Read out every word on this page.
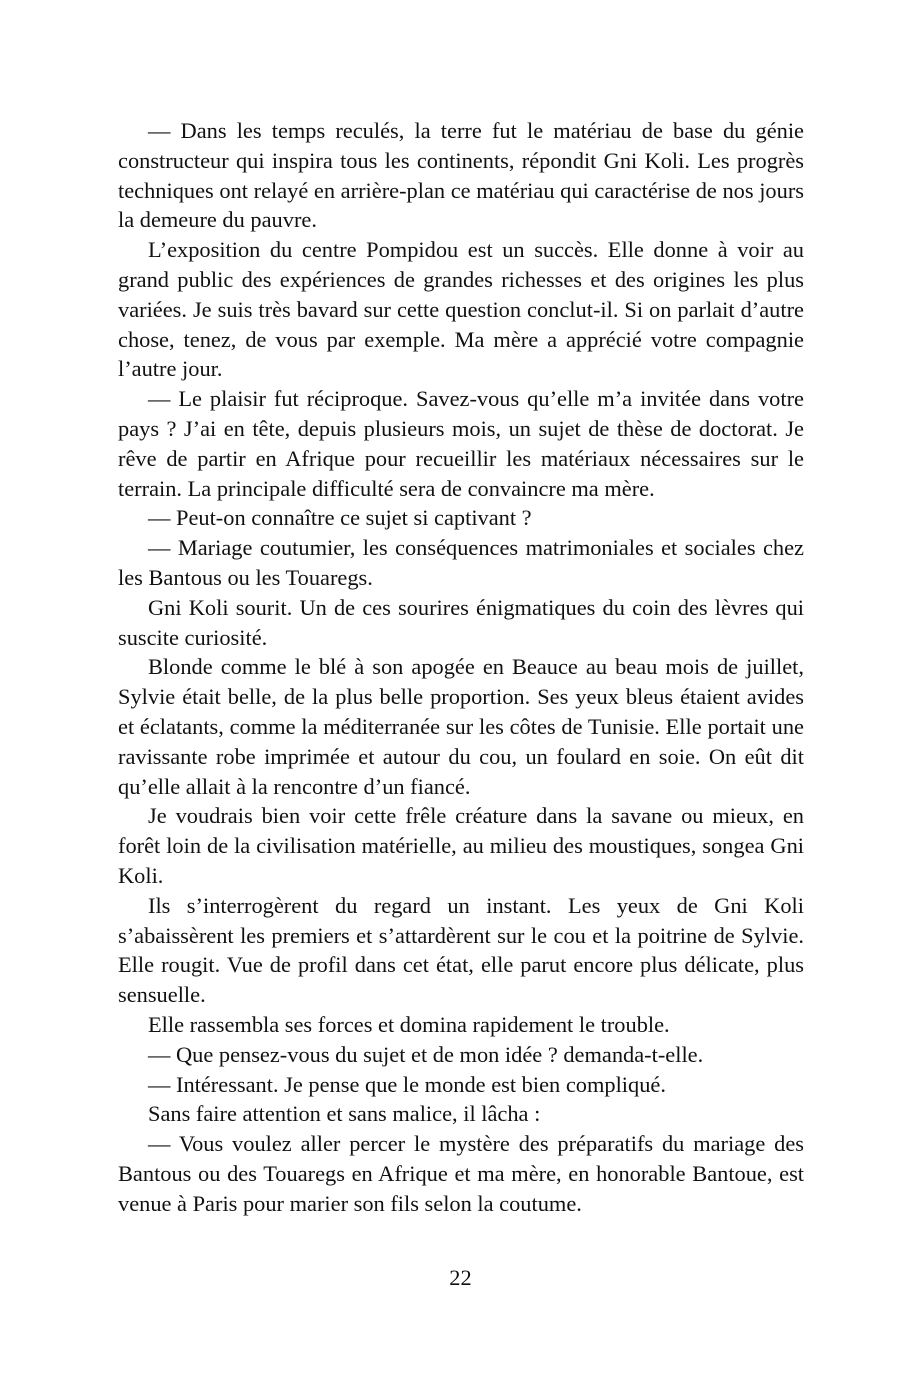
— Dans les temps reculés, la terre fut le matériau de base du génie constructeur qui inspira tous les continents, répondit Gni Koli. Les progrès techniques ont relayé en arrière-plan ce matériau qui caractérise de nos jours la demeure du pauvre.

L’exposition du centre Pompidou est un succès. Elle donne à voir au grand public des expériences de grandes richesses et des origines les plus variées. Je suis très bavard sur cette question conclut-il. Si on parlait d’autre chose, tenez, de vous par exemple. Ma mère a apprécié votre compagnie l’autre jour.

— Le plaisir fut réciproque. Savez-vous qu’elle m’a invitée dans votre pays ? J’ai en tête, depuis plusieurs mois, un sujet de thèse de doctorat. Je rêve de partir en Afrique pour recueillir les matériaux nécessaires sur le terrain. La principale difficulté sera de convaincre ma mère.

— Peut-on connaître ce sujet si captivant ?

— Mariage coutumier, les conséquences matrimoniales et sociales chez les Bantous ou les Touaregs.

Gni Koli sourit. Un de ces sourires énigmatiques du coin des lèvres qui suscite curiosité.

Blonde comme le blé à son apogée en Beauce au beau mois de juillet, Sylvie était belle, de la plus belle proportion. Ses yeux bleus étaient avides et éclatants, comme la méditerranée sur les côtes de Tunisie. Elle portait une ravissante robe imprimée et autour du cou, un foulard en soie. On eût dit qu’elle allait à la rencontre d’un fiancé.

Je voudrais bien voir cette frêle créature dans la savane ou mieux, en forêt loin de la civilisation matérielle, au milieu des moustiques, songea Gni Koli.

Ils s’interrogèrent du regard un instant. Les yeux de Gni Koli s’abaissèrent les premiers et s’attardèrent sur le cou et la poitrine de Sylvie. Elle rougit. Vue de profil dans cet état, elle parut encore plus délicate, plus sensuelle.

Elle rassembla ses forces et domina rapidement le trouble.

— Que pensez-vous du sujet et de mon idée ? demanda-t-elle.

— Intéressant. Je pense que le monde est bien compliqué.

Sans faire attention et sans malice, il lâcha :

— Vous voulez aller percer le mystère des préparatifs du mariage des Bantous ou des Touaregs en Afrique et ma mère, en honorable Bantoue, est venue à Paris pour marier son fils selon la coutume.

22
